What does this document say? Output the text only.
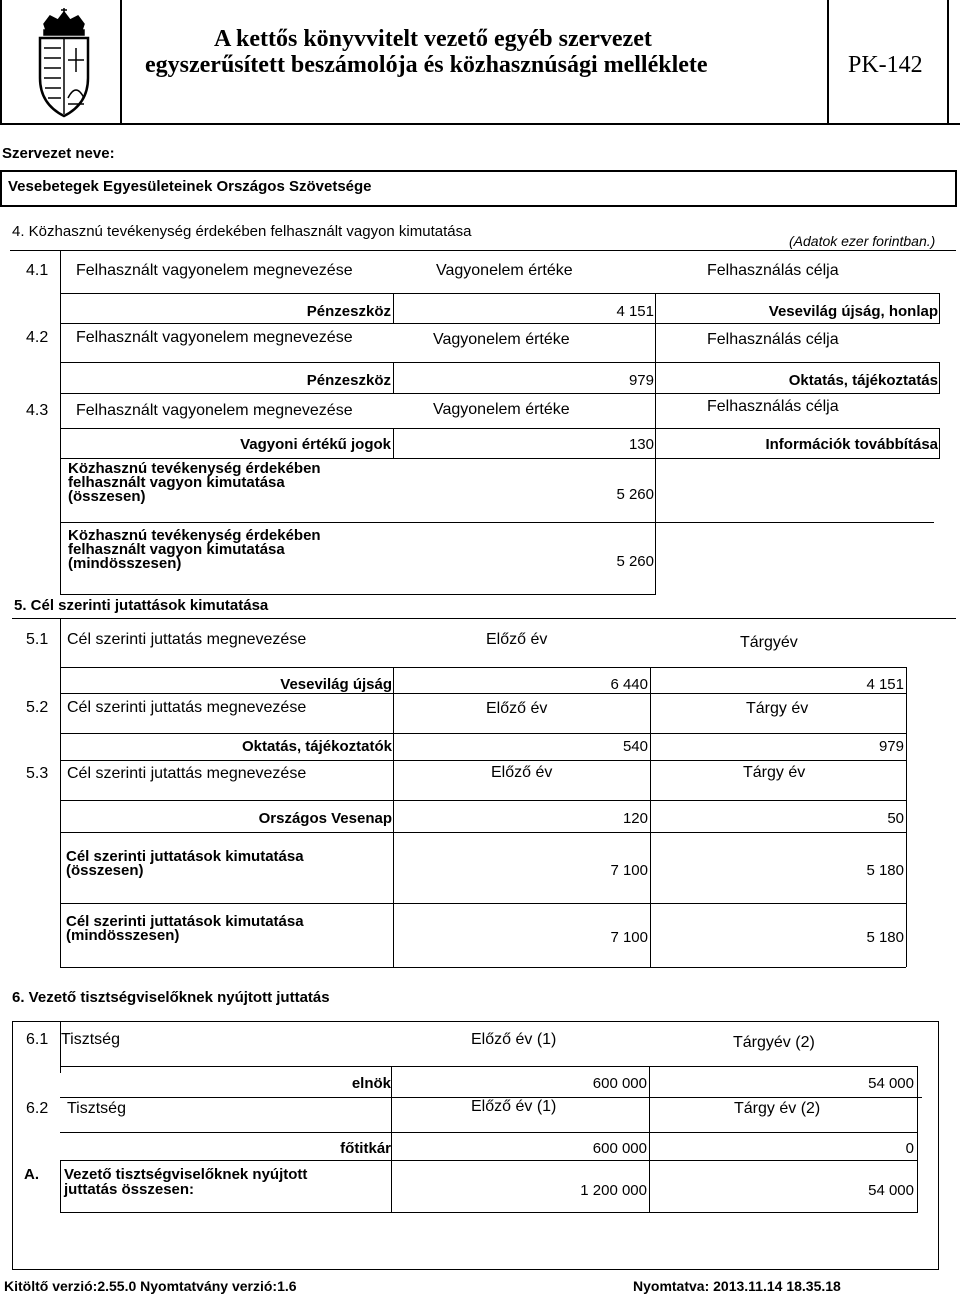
A kettős könyvvitelt vezető egyéb szervezet
egyszerűsített beszámolója és közhasznúsági melléklete	PK-142
Szervezet neve:
Vesebetegek Egyesületeinek Országos Szövetsége
4. Közhasznú tevékenység érdekében felhasznált vagyon kimutatása
(Adatok ezer forintban.)
4.1 Felhasznált vagyonelem megnevezése	Vagyonelem értéke	Felhasználás célja
Pénzeszköz	4 151	Vesevilág újság, honlap
4.2 Felhasznált vagyonelem megnevezése	Vagyonelem értéke	Felhasználás célja
Pénzeszköz	979	Oktatás, tájékoztatás
4.3 Felhasznált vagyonelem megnevezése	Vagyonelem értéke	Felhasználás célja
Vagyoni értékű jogok	130	Információk továbbítása
Közhasznú tevékenység érdekében
felhasznált vagyon kimutatása
(összesen)	5 260
Közhasznú tevékenység érdekében
felhasznált vagyon kimutatása
(mindösszesen)	5 260
5. Cél szerinti jutattások kimutatása
5.1 Cél szerinti juttatás megnevezése	Előző év	Tárgyév
Vesevilág újság	6 440	4 151
5.2 Cél szerinti juttatás megnevezése	Előző év	Tárgy év
Oktatás, tájékoztatók	540	979
5.3 Cél szerinti jutattás megnevezése	Előző év	Tárgy év
Országos Vesenap	120	50
Cél szerinti juttatások kimutatása
(összesen)	7 100	5 180
Cél szerinti juttatások kimutatása
(mindösszesen)	7 100	5 180
6. Vezető tisztségviselőknek nyújtott juttatás
6.1 Tisztség	Előző év (1)	Tárgyév (2)
elnök	600 000	54 000
6.2 Tisztség	Előző év (1)	Tárgy év (2)
főtitkár	600 000	0
A. Vezető tisztségviselőknek nyújtott
juttatás összesen:	1 200 000	54 000
Kitöltő verzió:2.55.0 Nyomtatvány verzió:1.6	Nyomtatva: 2013.11.14 18.35.18
